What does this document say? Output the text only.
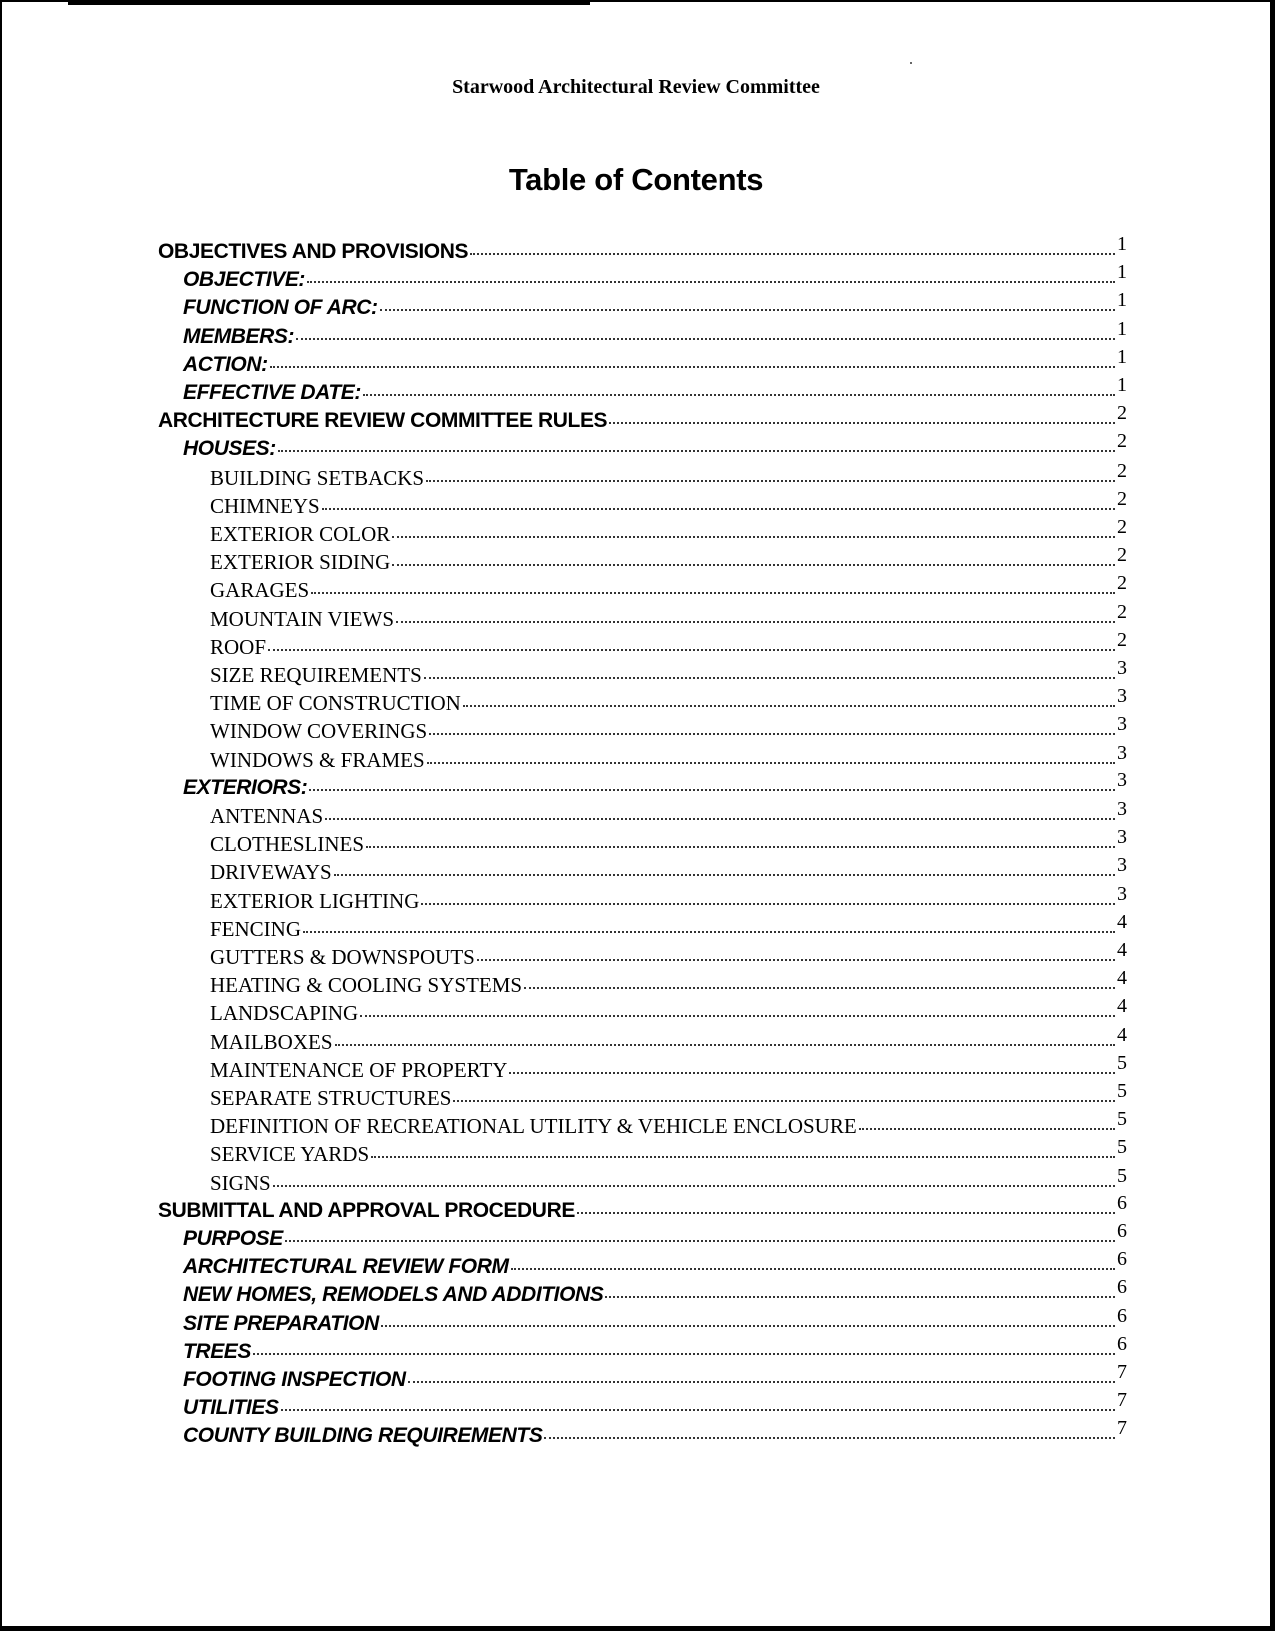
Starwood Architectural Review Committee
Table of Contents
OBJECTIVES AND PROVISIONS	1
OBJECTIVE:	1
FUNCTION OF ARC:	1
MEMBERS:	1
ACTION:	1
EFFECTIVE DATE:	1
ARCHITECTURE REVIEW COMMITTEE RULES	2
HOUSES:	2
BUILDING SETBACKS	2
CHIMNEYS	2
EXTERIOR COLOR	2
EXTERIOR SIDING	2
GARAGES	2
MOUNTAIN VIEWS	2
ROOF	2
SIZE REQUIREMENTS	3
TIME OF CONSTRUCTION	3
WINDOW COVERINGS	3
WINDOWS & FRAMES	3
EXTERIORS:	3
ANTENNAS	3
CLOTHESLINES	3
DRIVEWAYS	3
EXTERIOR LIGHTING	3
FENCING	4
GUTTERS & DOWNSPOUTS	4
HEATING & COOLING SYSTEMS	4
LANDSCAPING	4
MAILBOXES	4
MAINTENANCE OF PROPERTY	5
SEPARATE STRUCTURES	5
DEFINITION OF RECREATIONAL UTILITY & VEHICLE ENCLOSURE	5
SERVICE YARDS	5
SIGNS	5
SUBMITTAL AND APPROVAL PROCEDURE	6
PURPOSE	6
ARCHITECTURAL REVIEW FORM	6
NEW HOMES, REMODELS AND ADDITIONS	6
SITE PREPARATION	6
TREES	6
FOOTING INSPECTION	7
UTILITIES	7
COUNTY BUILDING REQUIREMENTS	7
